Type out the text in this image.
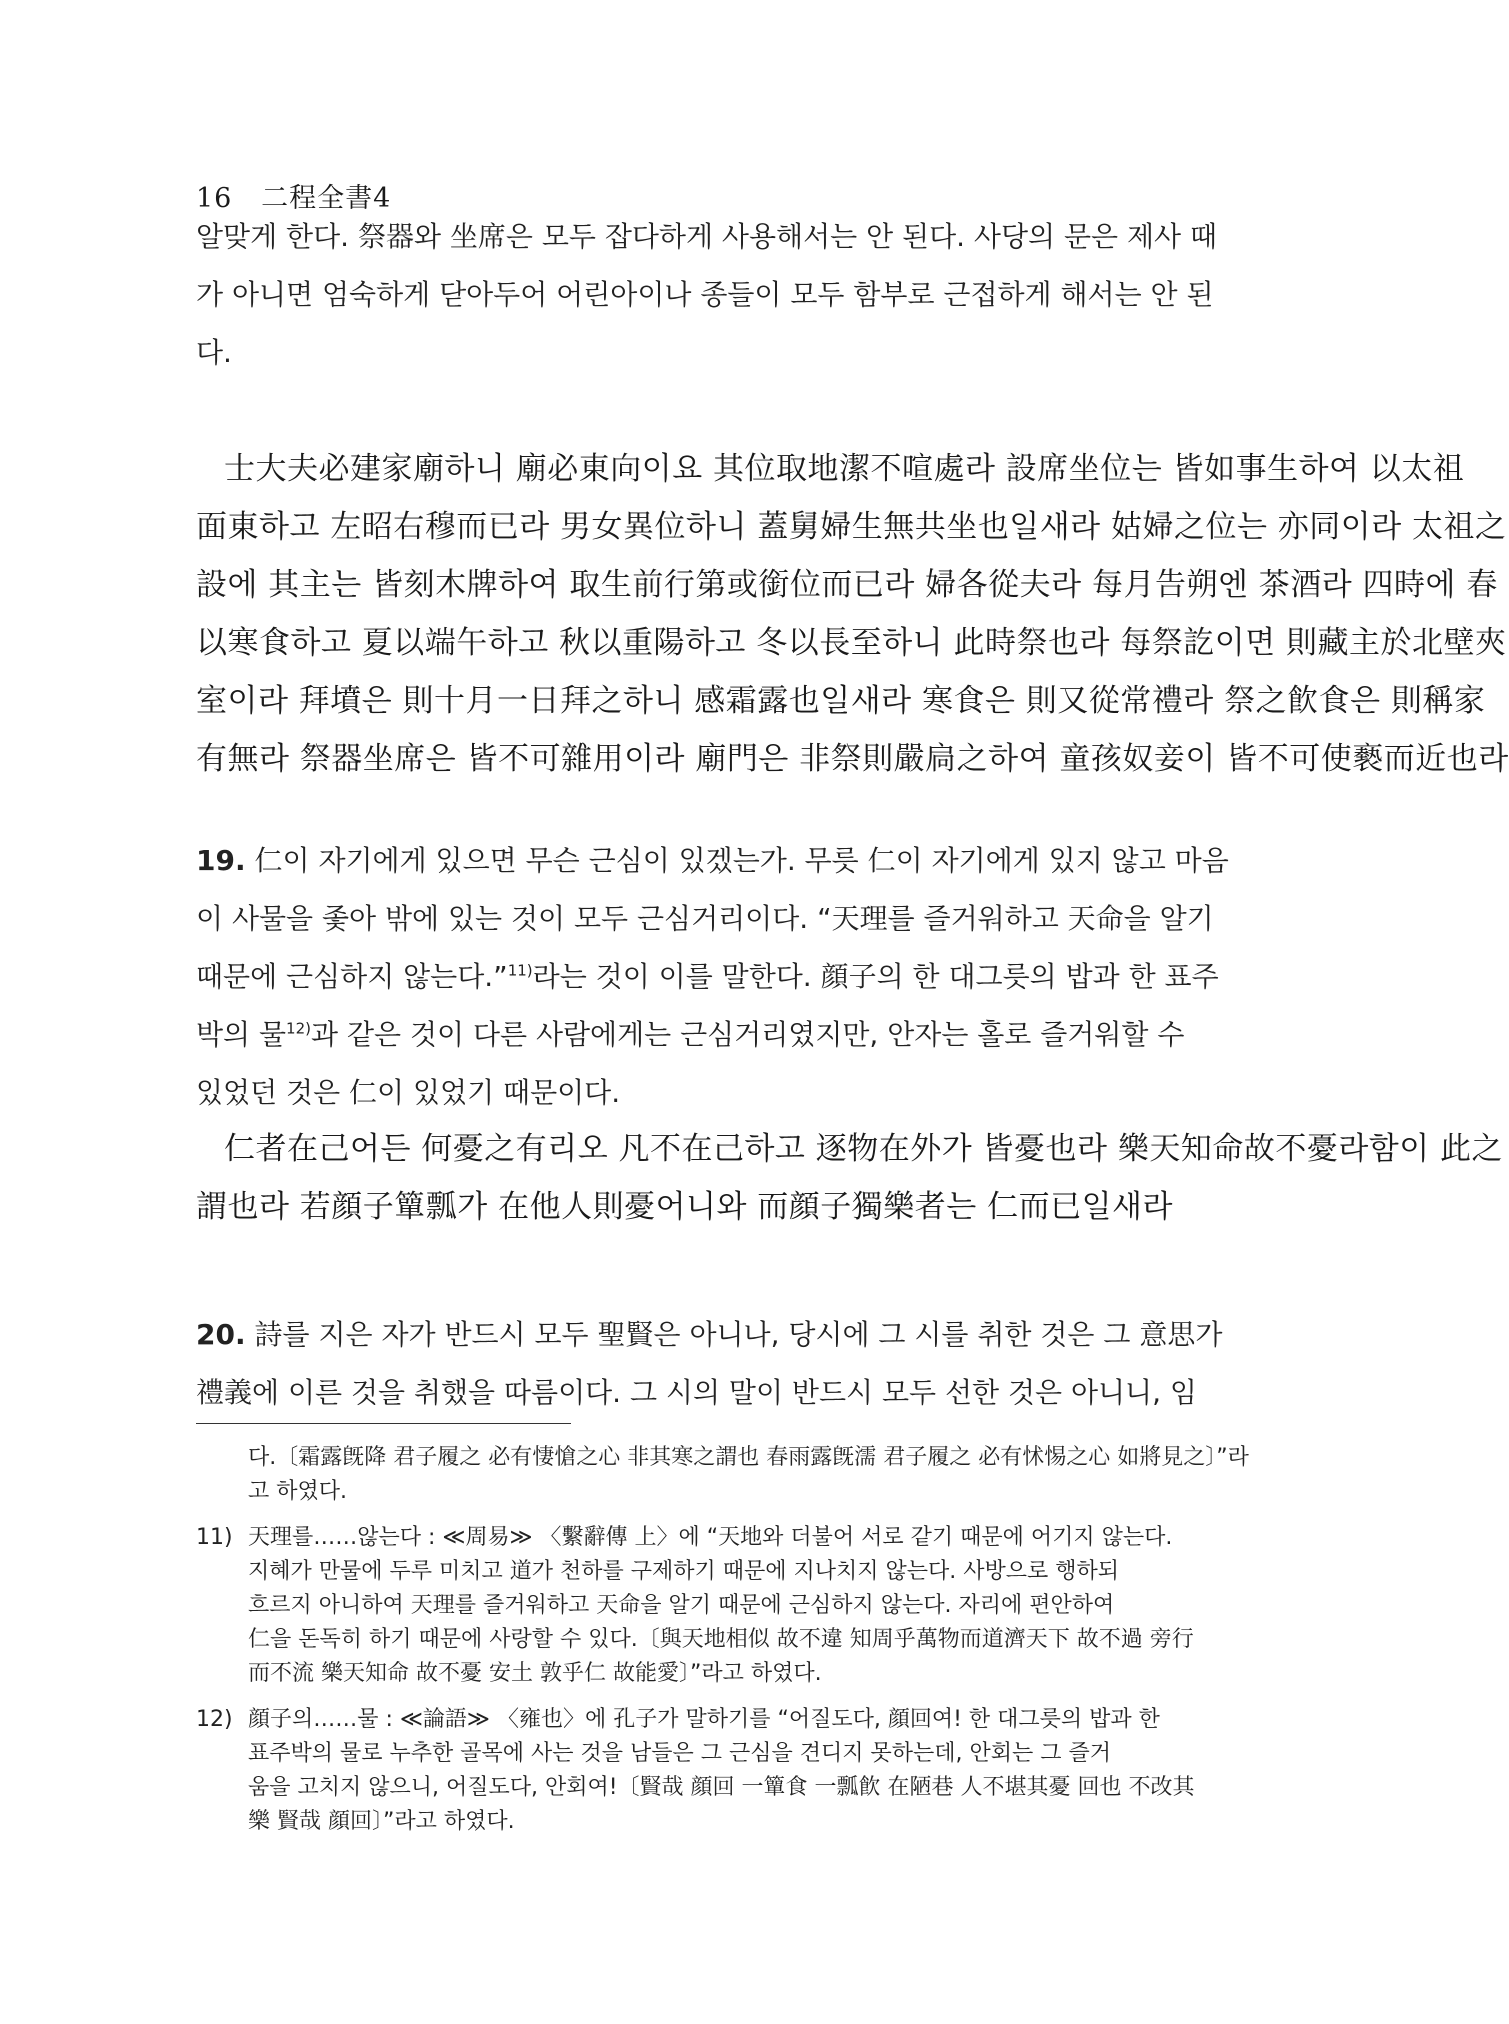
16 二程全書4
알맞게 한다. 祭器와 坐席은 모두 잡다하게 사용해서는 안 된다. 사당의 문은 제사 때
가 아니면 엄숙하게 닫아두어 어린아이나 종들이 모두 함부로 근접하게 해서는 안 된
다.
士大夫必建家廟하니 廟必東向이요 其位取地潔不喧處라 設席坐位는 皆如事生하여 以太祖
面東하고 左昭右穆而已라 男女異位하니 蓋舅婦生無共坐也일새라 姑婦之位는 亦同이라 太祖之
設에 其主는 皆刻木牌하여 取生前行第或銜位而已라 婦各從夫라 每月告朔엔 茶酒라 四時에 春
以寒食하고 夏以端午하고 秋以重陽하고 冬以長至하니 此時祭也라 每祭訖이면 則藏主於北壁夾
室이라 拜墳은 則十月一日拜之하니 感霜露也일새라 寒食은 則又從常禮라 祭之飮食은 則稱家
有無라 祭器坐席은 皆不可雜用이라 廟門은 非祭則嚴扃之하여 童孩奴妾이 皆不可使褻而近也라
19. 仁이 자기에게 있으면 무슨 근심이 있겠는가. 무릇 仁이 자기에게 있지 않고 마음
이 사물을 좇아 밖에 있는 것이 모두 근심거리이다. “天理를 즐거워하고 天命을 알기
때문에 근심하지 않는다.”$^{11)}$라는 것이 이를 말한다. 顔子의 한 대그릇의 밥과 한 표주
박의 물$^{12)}$과 같은 것이 다른 사람에게는 근심거리였지만, 안자는 홀로 즐거워할 수
있었던 것은 仁이 있었기 때문이다.
仁者在己어든 何憂之有리오 凡不在己하고 逐物在外가 皆憂也라 樂天知命故不憂라함이 此之
謂也라 若顔子簞瓢가 在他人則憂어니와 而顔子獨樂者는 仁而已일새라
20. 詩를 지은 자가 반드시 모두 聖賢은 아니나, 당시에 그 시를 취한 것은 그 意思가
禮義에 이른 것을 취했을 따름이다. 그 시의 말이 반드시 모두 선한 것은 아니니, 임
다.〔霜露旣降 君子履之 必有悽愴之心 非其寒之謂也 春雨露旣濡 君子履之 必有怵惕之心 如將見之〕”라
고 하였다.
11) 天理를……않는다 : ≪周易≫ 〈繫辭傳 上〉에 “天地와 더불어 서로 같기 때문에 어기지 않는다.
지혜가 만물에 두루 미치고 道가 천하를 구제하기 때문에 지나치지 않는다. 사방으로 행하되
흐르지 아니하여 天理를 즐거워하고 天命을 알기 때문에 근심하지 않는다. 자리에 편안하여
仁을 돈독히 하기 때문에 사랑할 수 있다.〔與天地相似 故不違 知周乎萬物而道濟天下 故不過 旁行
而不流 樂天知命 故不憂 安土 敦乎仁 故能愛〕”라고 하였다.
12) 顔子의……물 : ≪論語≫ 〈雍也〉에 孔子가 말하기를 “어질도다, 顔回여! 한 대그릇의 밥과 한
표주박의 물로 누추한 골목에 사는 것을 남들은 그 근심을 견디지 못하는데, 안회는 그 즐거
움을 고치지 않으니, 어질도다, 안회여!〔賢哉 顔回 一簞食 一瓢飮 在陋巷 人不堪其憂 回也 不改其
樂 賢哉 顔回〕”라고 하였다.
